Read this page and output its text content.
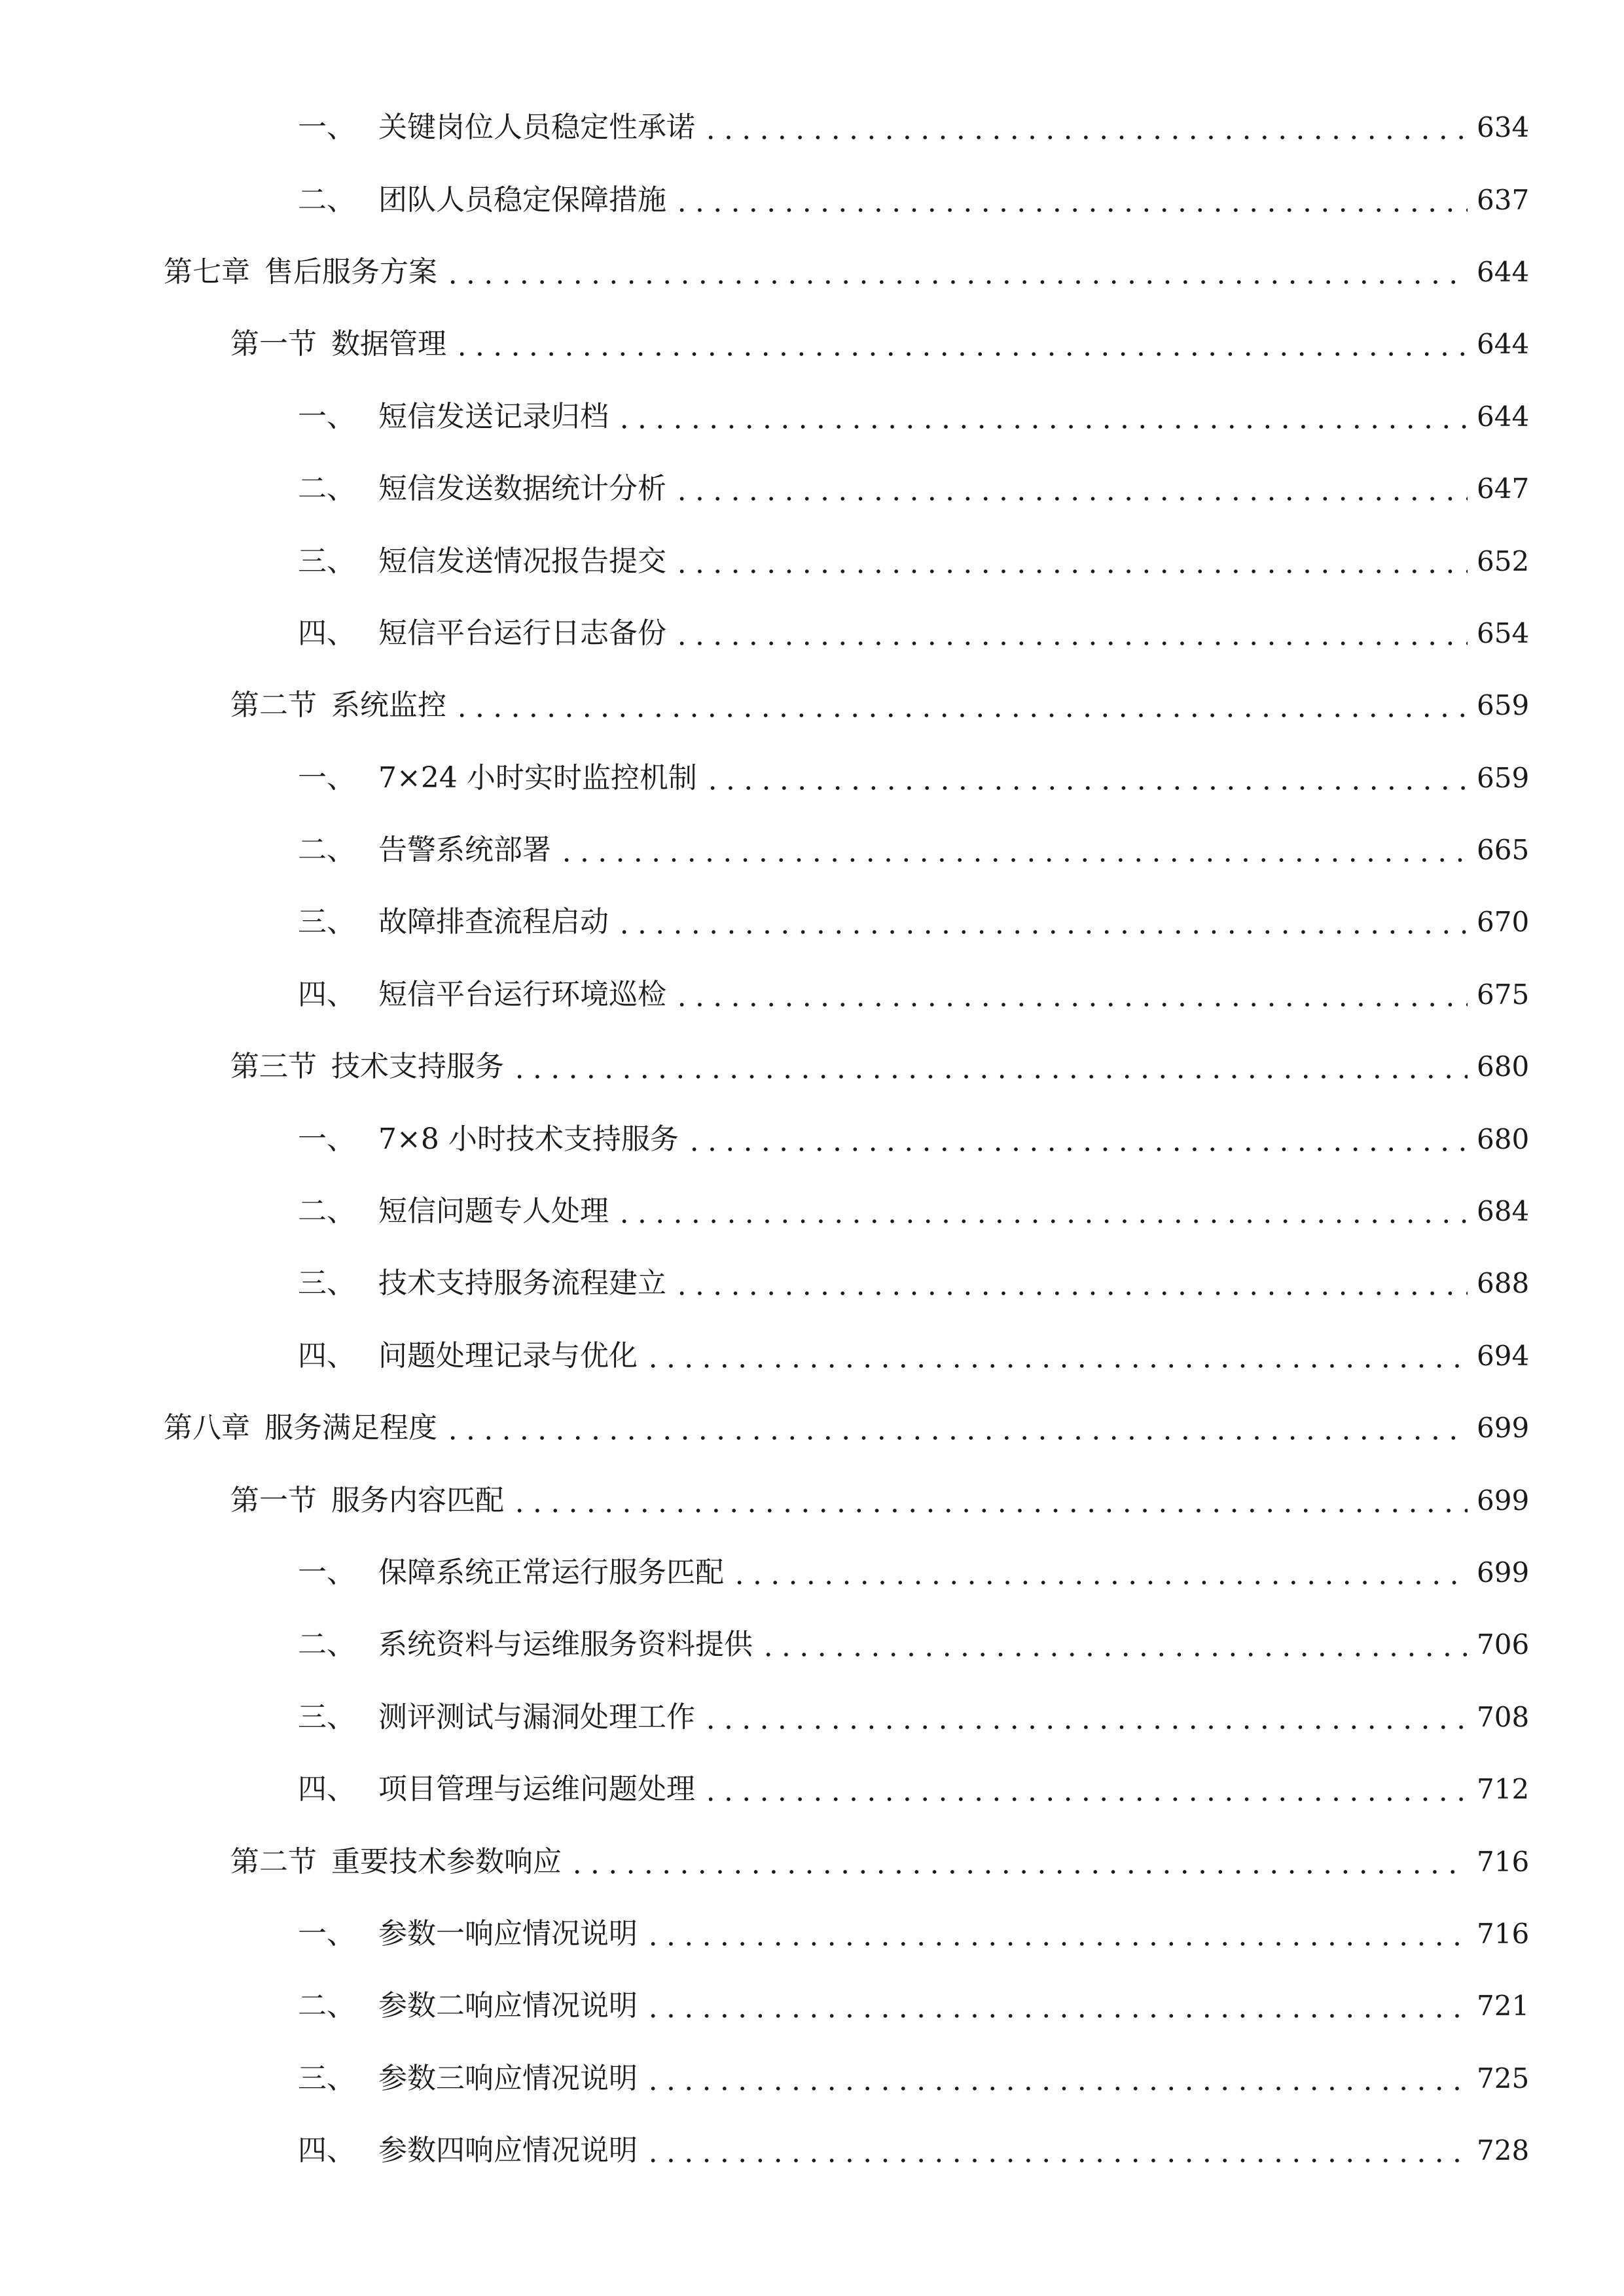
一、 关键岗位人员稳定性承诺	634
二、 团队人员稳定保障措施	637
第七章 售后服务方案	644
第一节 数据管理	644
一、 短信发送记录归档	644
二、 短信发送数据统计分析	647
三、 短信发送情况报告提交	652
四、 短信平台运行日志备份	654
第二节 系统监控	659
一、 7×24 小时实时监控机制	659
二、 告警系统部署	665
三、 故障排查流程启动	670
四、 短信平台运行环境巡检	675
第三节 技术支持服务	680
一、 7×8 小时技术支持服务	680
二、 短信问题专人处理	684
三、 技术支持服务流程建立	688
四、 问题处理记录与优化	694
第八章 服务满足程度	699
第一节 服务内容匹配	699
一、 保障系统正常运行服务匹配	699
二、 系统资料与运维服务资料提供	706
三、 测评测试与漏洞处理工作	708
四、 项目管理与运维问题处理	712
第二节 重要技术参数响应	716
一、 参数一响应情况说明	716
二、 参数二响应情况说明	721
三、 参数三响应情况说明	725
四、 参数四响应情况说明	728
